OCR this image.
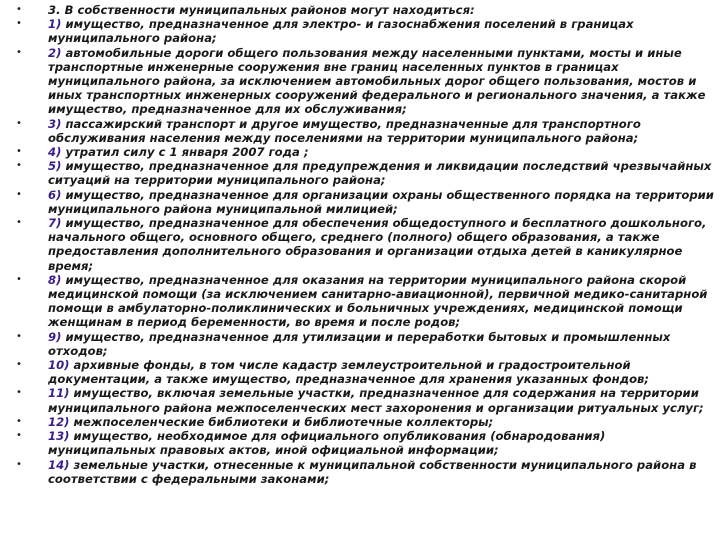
• 3. В собственности муниципальных районов могут находиться:
• 1) имущество, предназначенное для электро- и газоснабжения поселений в границах муниципального района;
• 2) автомобильные дороги общего пользования между населенными пунктами, мосты и иные транспортные инженерные сооружения вне границ населенных пунктов в границах муниципального района, за исключением автомобильных дорог общего пользования, мостов и иных транспортных инженерных сооружений федерального и регионального значения, а также имущество, предназначенное для их обслуживания;
• 3) пассажирский транспорт и другое имущество, предназначенные для транспортного обслуживания населения между поселениями на территории муниципального района;
• 4) утратил силу с 1 января 2007 года ;
• 5) имущество, предназначенное для предупреждения и ликвидации последствий чрезвычайных ситуаций на территории муниципального района;
• 6) имущество, предназначенное для организации охраны общественного порядка на территории муниципального района муниципальной милицией;
• 7) имущество, предназначенное для обеспечения общедоступного и бесплатного дошкольного, начального общего, основного общего, среднего (полного) общего образования, а также предоставления дополнительного образования и организации отдыха детей в каникулярное время;
• 8) имущество, предназначенное для оказания на территории муниципального района скорой медицинской помощи (за исключением санитарно-авиационной), первичной медико-санитарной помощи в амбулаторно-поликлинических и больничных учреждениях, медицинской помощи женщинам в период беременности, во время и после родов;
• 9) имущество, предназначенное для утилизации и переработки бытовых и промышленных отходов;
• 10) архивные фонды, в том числе кадастр землеустроительной и градостроительной документации, а также имущество, предназначенное для хранения указанных фондов;
• 11) имущество, включая земельные участки, предназначенное для содержания на территории муниципального района межпоселенческих мест захоронения и организации ритуальных услуг;
• 12) межпоселенческие библиотеки и библиотечные коллекторы;
• 13) имущество, необходимое для официального опубликования (обнародования) муниципальных правовых актов, иной официальной информации;
• 14) земельные участки, отнесенные к муниципальной собственности муниципального района в соответствии с федеральными законами;
